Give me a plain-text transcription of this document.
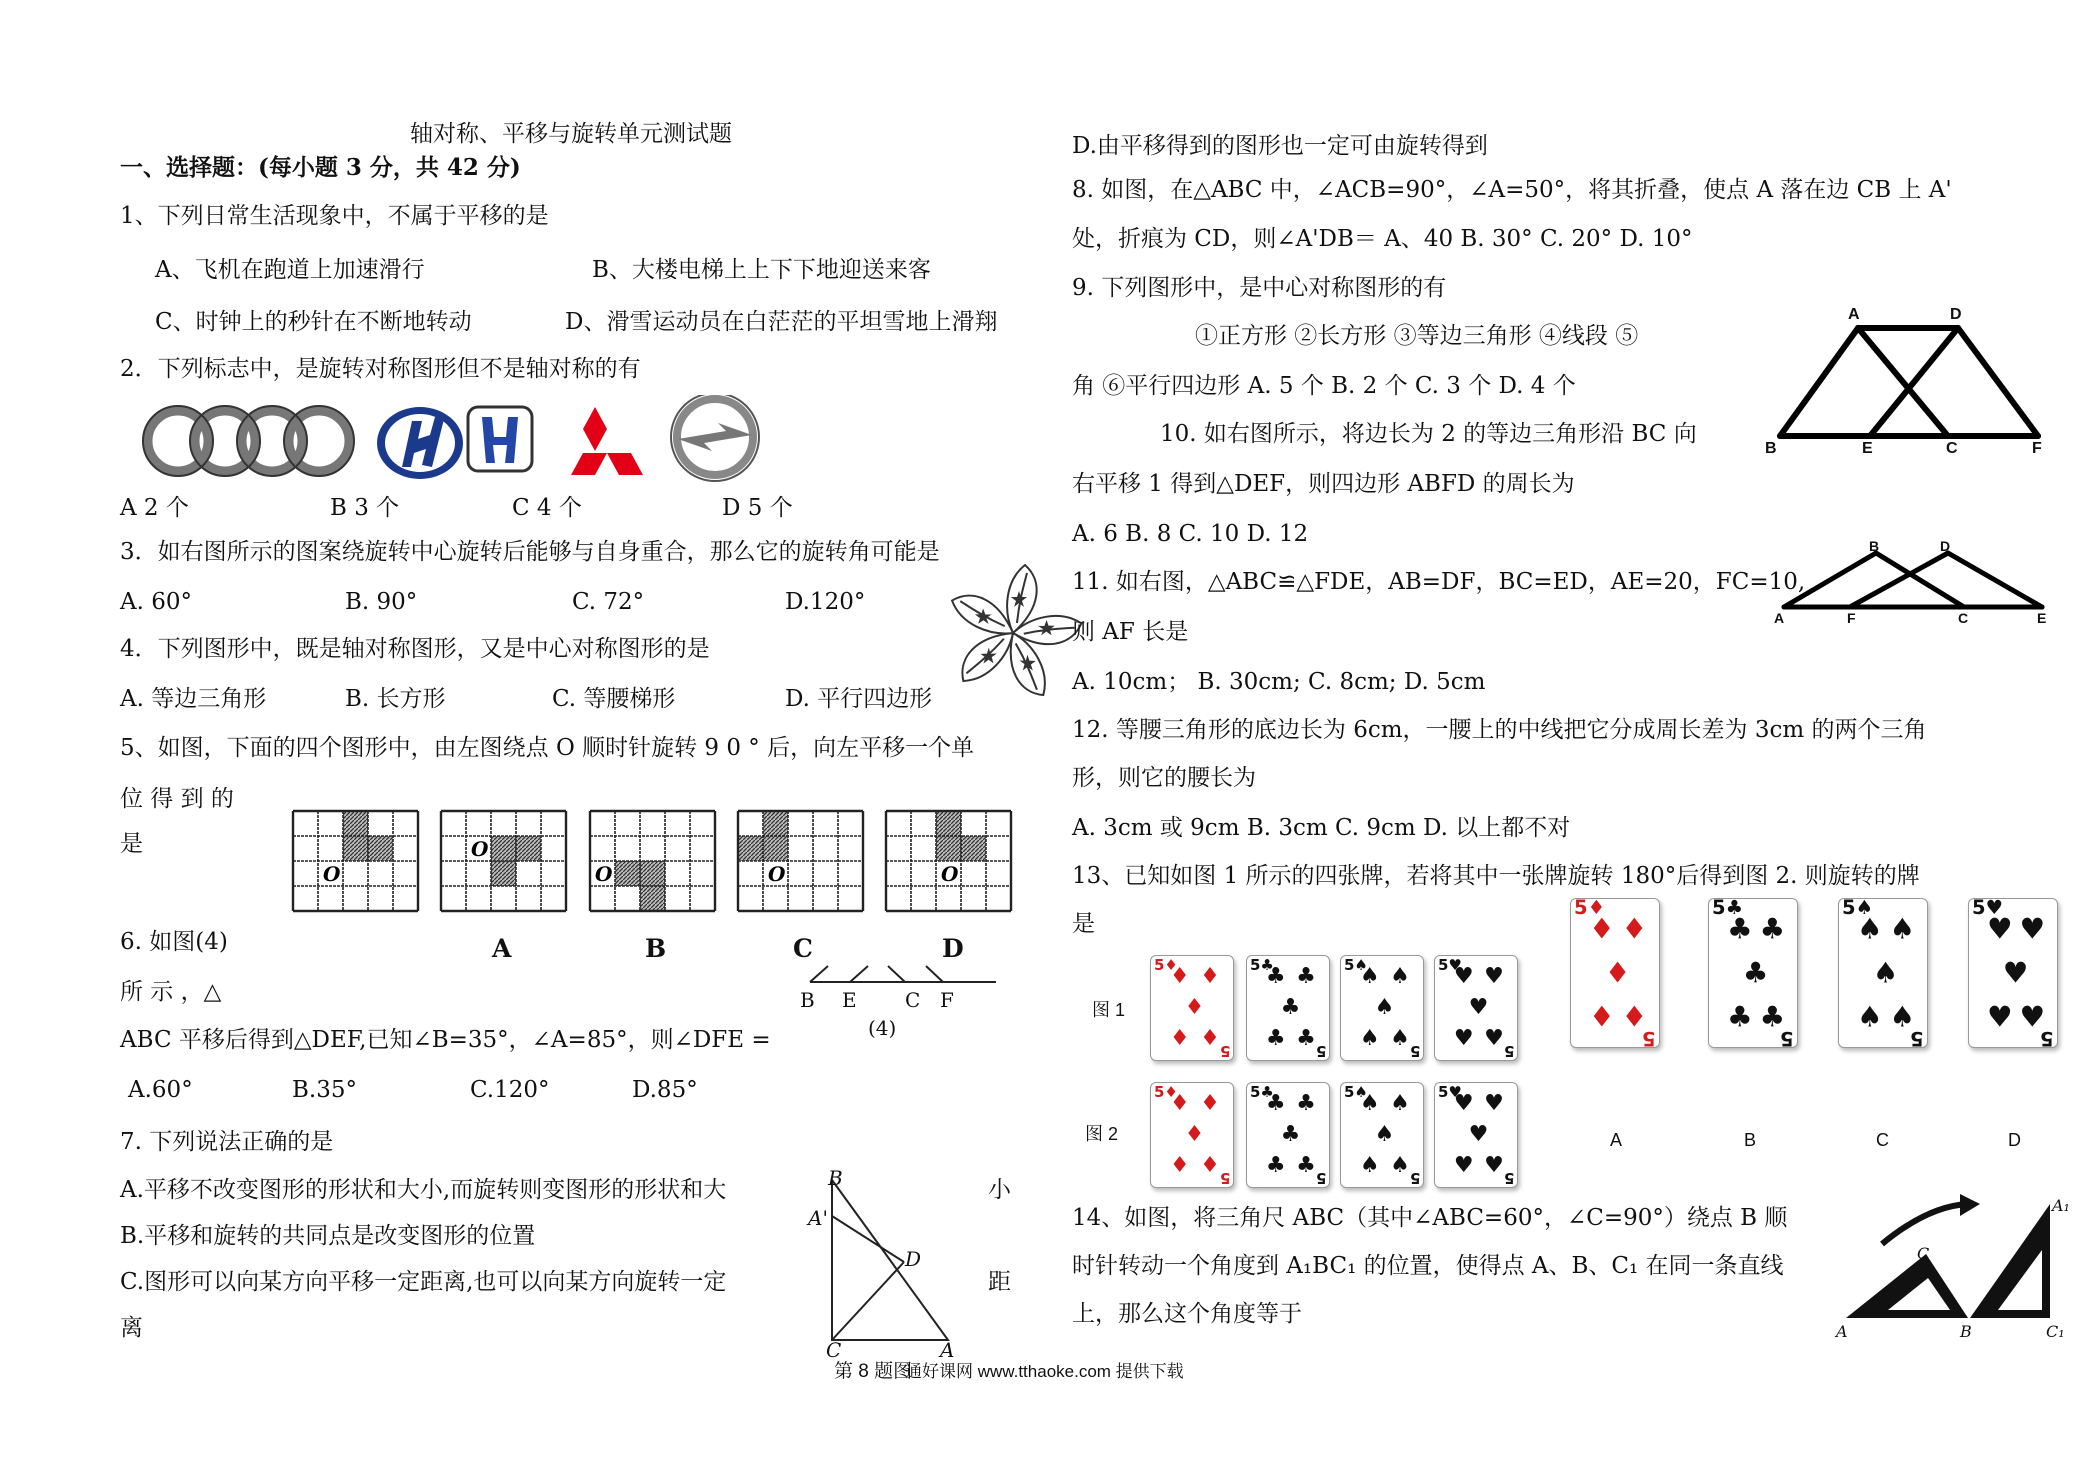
轴对称、平移与旋转单元测试题
一、选择题：(每小题 3 分，共 42 分)
1、下列日常生活现象中，不属于平移的是
A、飞机在跑道上加速滑行	B、大楼电梯上上下下地迎送来客
C、时钟上的秒针在不断地转动	D、滑雪运动员在白茫茫的平坦雪地上滑翔
2．下列标志中，是旋转对称图形但不是轴对称的有
A 2 个	B 3 个	C 4 个	D 5 个
3．如右图所示的图案绕旋转中心旋转后能够与自身重合，那么它的旋转角可能是
A. 60°	B. 90°	C. 72°	D.120°
4．下列图形中，既是轴对称图形，又是中心对称图形的是
A. 等边三角形	B. 长方形	C. 等腰梯形	D. 平行四边形
5、如图，下面的四个图形中，由左图绕点 O 顺时针旋转 9 0 ° 后，向左平移一个单
位 得 到 的
是
O
O
O	O	O
A	B	C	D
6. 如图(4)
所 示 ，△
ABC 平移后得到△DEF,已知∠B=35°，∠A=85°，则∠DFE =
B E C F
(4)
A.60°	B.35°	C.120°	D.85°
7. 下列说法正确的是
A.平移不改变图形的形状和大小,而旋转则变图形的形状和大	小
B.平移和旋转的共同点是改变图形的位置
C.图形可以向某方向平移一定距离,也可以向某方向旋转一定	距
离
B
A'
D
C	A
第 8 题图
通好课网 www.tthaoke.com 提供下载
D.由平移得到的图形也一定可由旋转得到
8. 如图，在△ABC 中，∠ACB=90°，∠A=50°，将其折叠，使点 A 落在边 CB 上 A'
处，折痕为 CD，则∠A'DB＝ A、40 B. 30° C. 20° D. 10°
9. 下列图形中，是中心对称图形的有
①正方形 ②长方形 ③等边三角形 ④线段 ⑤
角 ⑥平行四边形 A. 5 个 B. 2 个 C. 3 个 D. 4 个
A	D
B	E	C	F
10. 如右图所示，将边长为 2 的等边三角形沿 BC 向
右平移 1 得到△DEF，则四边形 ABFD 的周长为
A. 6 B. 8 C. 10 D. 12	B	D
A	F	C	E
11. 如右图，△ABC≌△FDE，AB=DF，BC=ED，AE=20，FC=10,
则 AF 长是
A. 10cm； B. 30cm; C. 8cm; D. 5cm
12. 等腰三角形的底边长为 6cm，一腰上的中线把它分成周长差为 3cm 的两个三角
形，则它的腰长为
A. 3cm 或 9cm B. 3cm C. 9cm D. 以上都不对
13、已知如图 1 所示的四张牌，若将其中一张牌旋转 180°后得到图 2. 则旋转的牌
是
图 1
图 2
5♦
5
♦ ♦
♦
♦ ♦
5♣
5
♣ ♣
♣
♣ ♣
5♠
5
♠ ♠
♠
♠ ♠
5♥
5
♥ ♥
♥
♥ ♥
5♦
5
♦ ♦
♦
♦ ♦
5♣
5
♣ ♣
♣
♣ ♣
5♠
5
♠ ♠
♠
♠ ♠
5♥
5
♥ ♥
♥
♥ ♥
5♦
5
♦ ♦
♦
♦ ♦
5♣
5
♣ ♣
♣
♣ ♣
5♠
5
♠ ♠
♠
♠ ♠
5♥
5
♥ ♥
♥
♥ ♥
A	B	C	D
14、如图，将三角尺 ABC（其中∠ABC=60°，∠C=90°）绕点 B 顺
时针转动一个角度到 A₁BC₁ 的位置，使得点 A、B、C₁ 在同一条直线
上，那么这个角度等于
A	B
C
C₁
A₁
